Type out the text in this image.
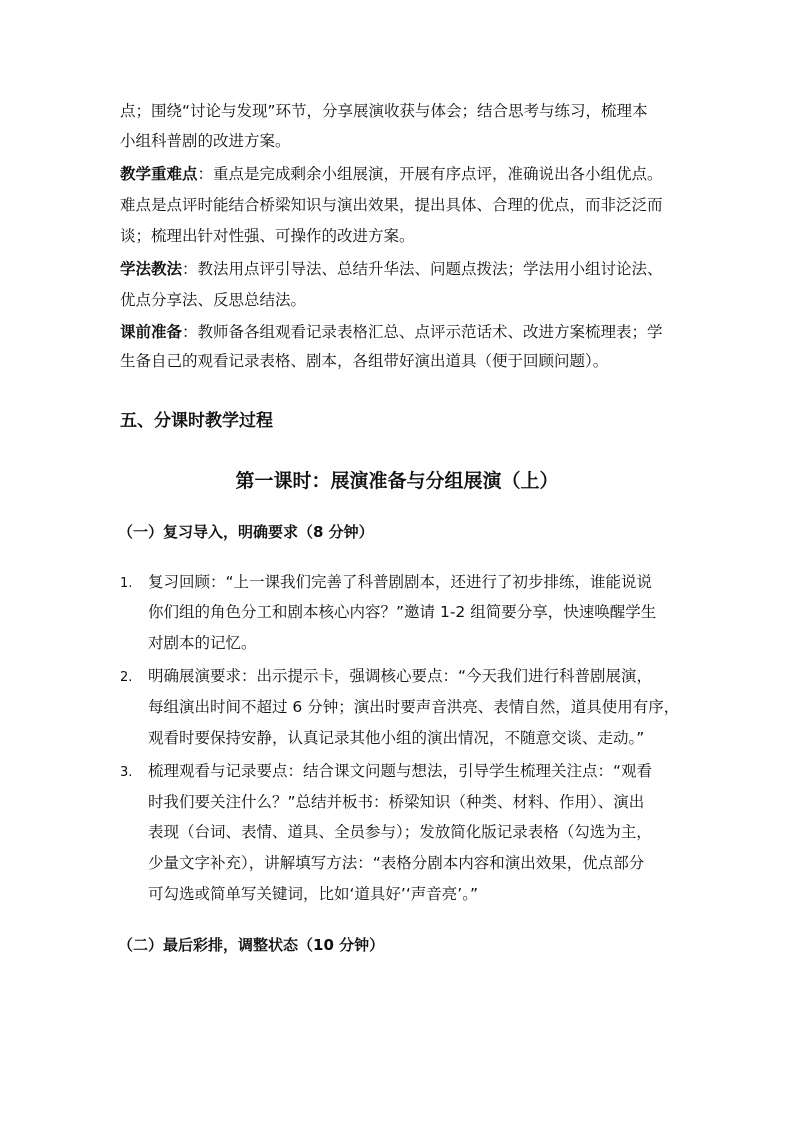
点；围绕“讨论与发现”环节，分享展演收获与体会；结合思考与练习，梳理本
小组科普剧的改进方案。
教学重难点：重点是完成剩余小组展演，开展有序点评，准确说出各小组优点。
难点是点评时能结合桥梁知识与演出效果，提出具体、合理的优点，而非泛泛而
谈；梳理出针对性强、可操作的改进方案。
学法教法：教法用点评引导法、总结升华法、问题点拨法；学法用小组讨论法、
优点分享法、反思总结法。
课前准备：教师备各组观看记录表格汇总、点评示范话术、改进方案梳理表；学
生备自己的观看记录表格、剧本，各组带好演出道具（便于回顾问题）。
五、分课时教学过程
第一课时：展演准备与分组展演（上）
（一）复习导入，明确要求（8 分钟）
1. 复习回顾：“上一课我们完善了科普剧剧本，还进行了初步排练，谁能说说
你们组的角色分工和剧本核心内容？”邀请 1-2 组简要分享，快速唤醒学生
对剧本的记忆。
2. 明确展演要求：出示提示卡，强调核心要点：“今天我们进行科普剧展演，
每组演出时间不超过 6 分钟；演出时要声音洪亮、表情自然，道具使用有序，
观看时要保持安静，认真记录其他小组的演出情况，不随意交谈、走动。”
3. 梳理观看与记录要点：结合课文问题与想法，引导学生梳理关注点：“观看
时我们要关注什么？”总结并板书：桥梁知识（种类、材料、作用）、演出
表现（台词、表情、道具、全员参与）；发放简化版记录表格（勾选为主，
少量文字补充），讲解填写方法：“表格分剧本内容和演出效果，优点部分
可勾选或简单写关键词，比如‘道具好’‘声音亮’。”
（二）最后彩排，调整状态（10 分钟）
